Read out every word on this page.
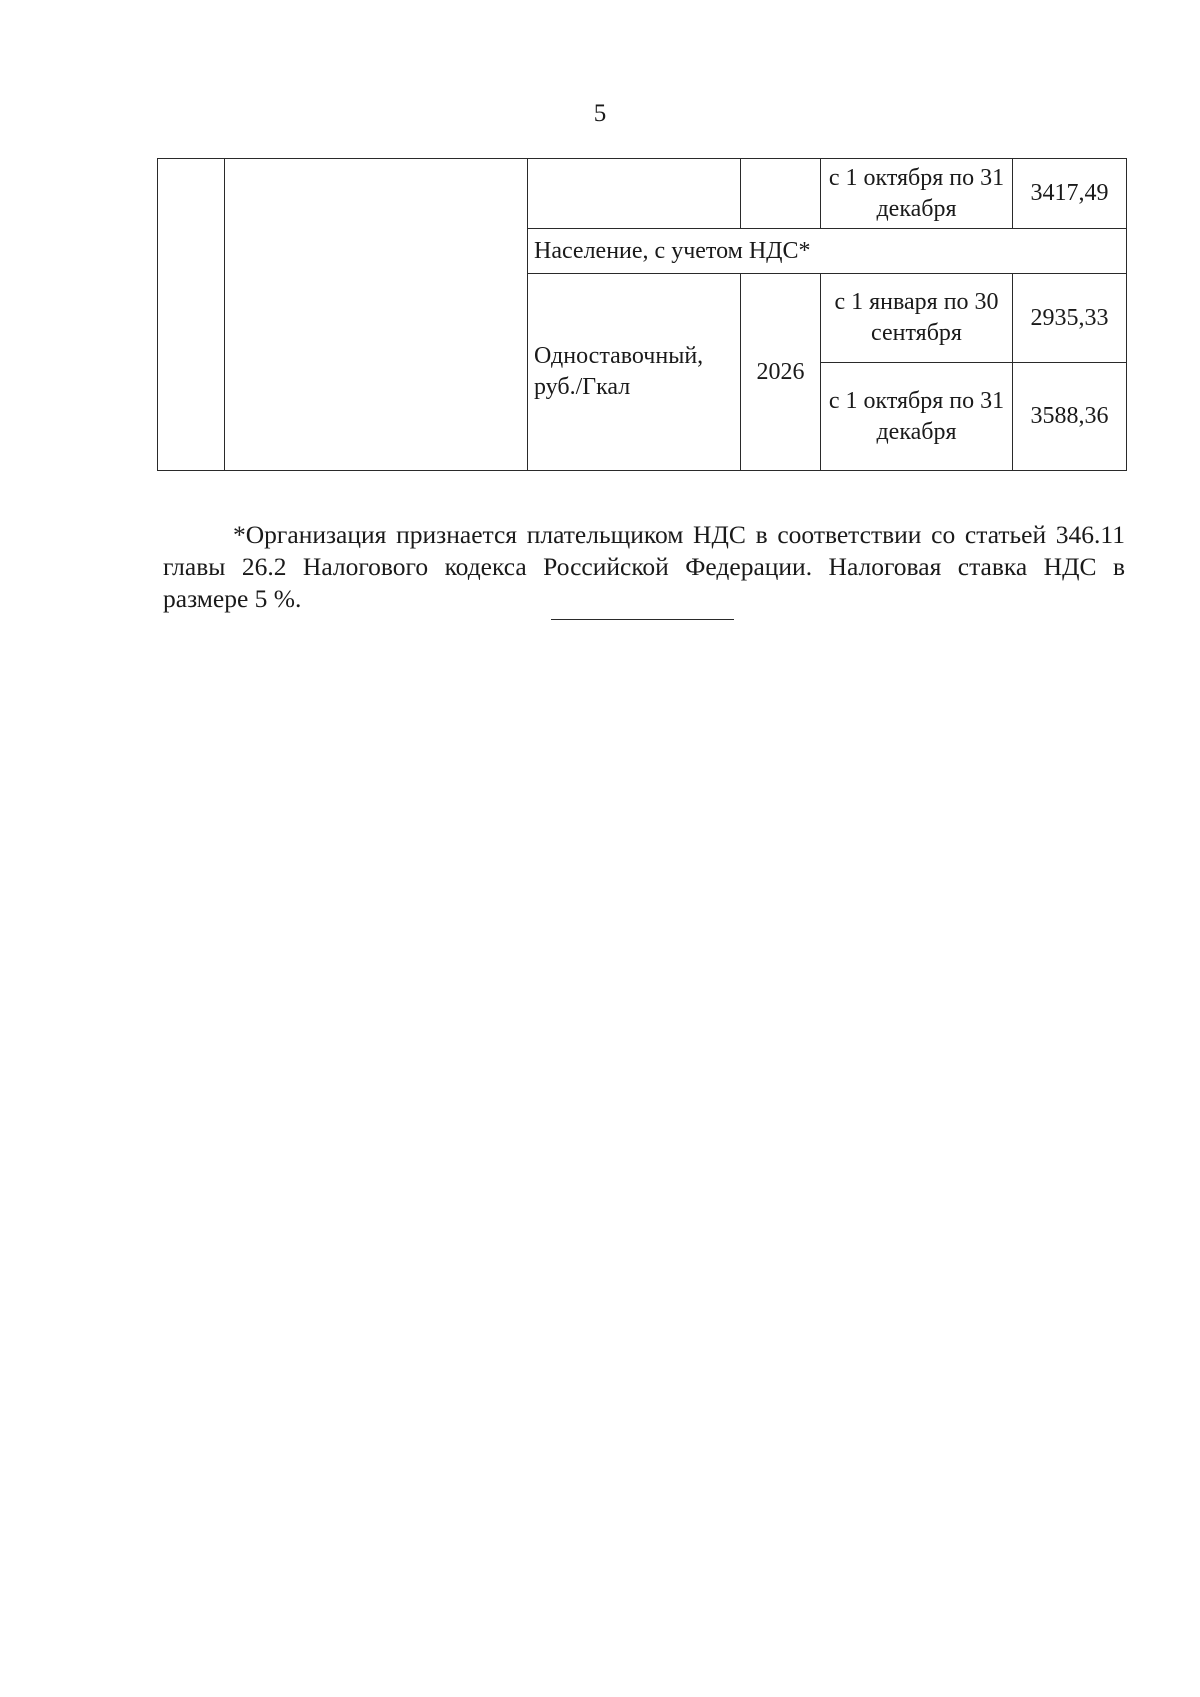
5
				с 1 октября по 31 декабря	3417,49
		Население, с учетом НДС*			
		Одноставочный, руб./Гкал	2026	с 1 января по 30 сентября	2935,33
				с 1 октября по 31 декабря	3588,36

*Организация признается плательщиком НДС в соответствии со статьей 346.11 главы 26.2 Налогового кодекса Российской Федерации. Налоговая ставка НДС в размере 5 %.
